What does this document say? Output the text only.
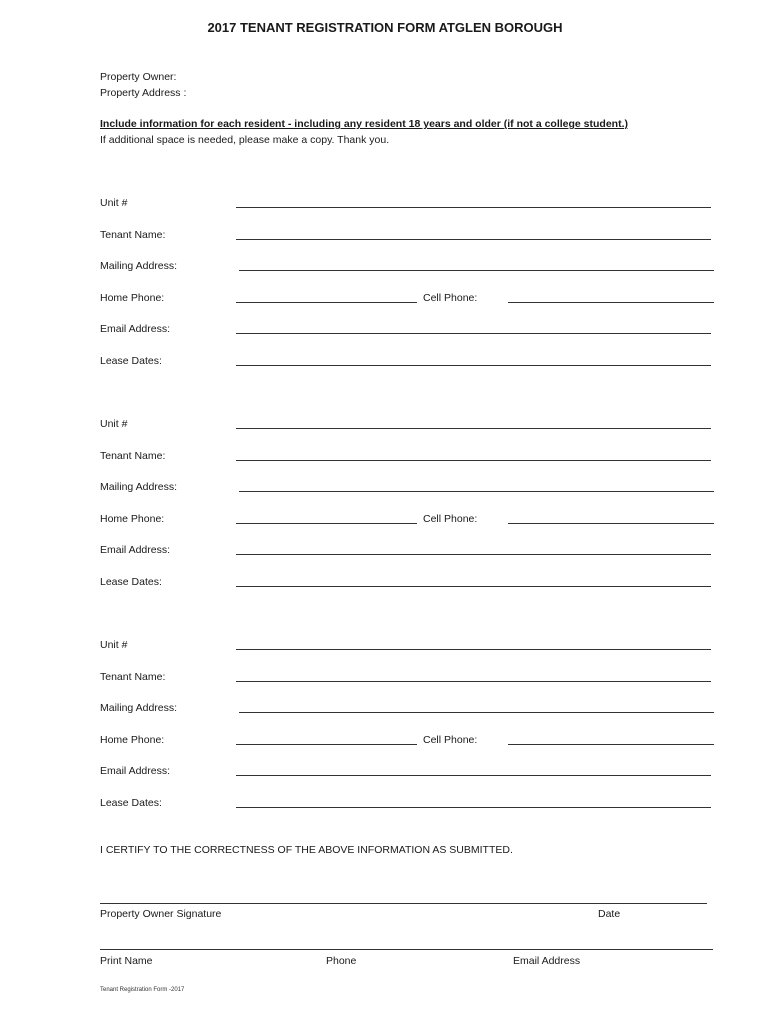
2017 TENANT REGISTRATION FORM ATGLEN BOROUGH
Property Owner:
Property Address :
Include information for each resident - including any resident 18 years and older (if not a college student.)
If additional space is needed, please make a copy. Thank you.
Unit #
Tenant Name:
Mailing Address:
Home Phone:	Cell Phone:
Email Address:
Lease Dates:
Unit #
Tenant Name:
Mailing Address:
Home Phone:	Cell Phone:
Email Address:
Lease Dates:
Unit #
Tenant Name:
Mailing Address:
Home Phone:	Cell Phone:
Email Address:
Lease Dates:
I CERTIFY TO THE CORRECTNESS OF THE ABOVE INFORMATION AS SUBMITTED.
Property Owner Signature	Date
Print Name	Phone	Email Address
Tenant Registration Form -2017
